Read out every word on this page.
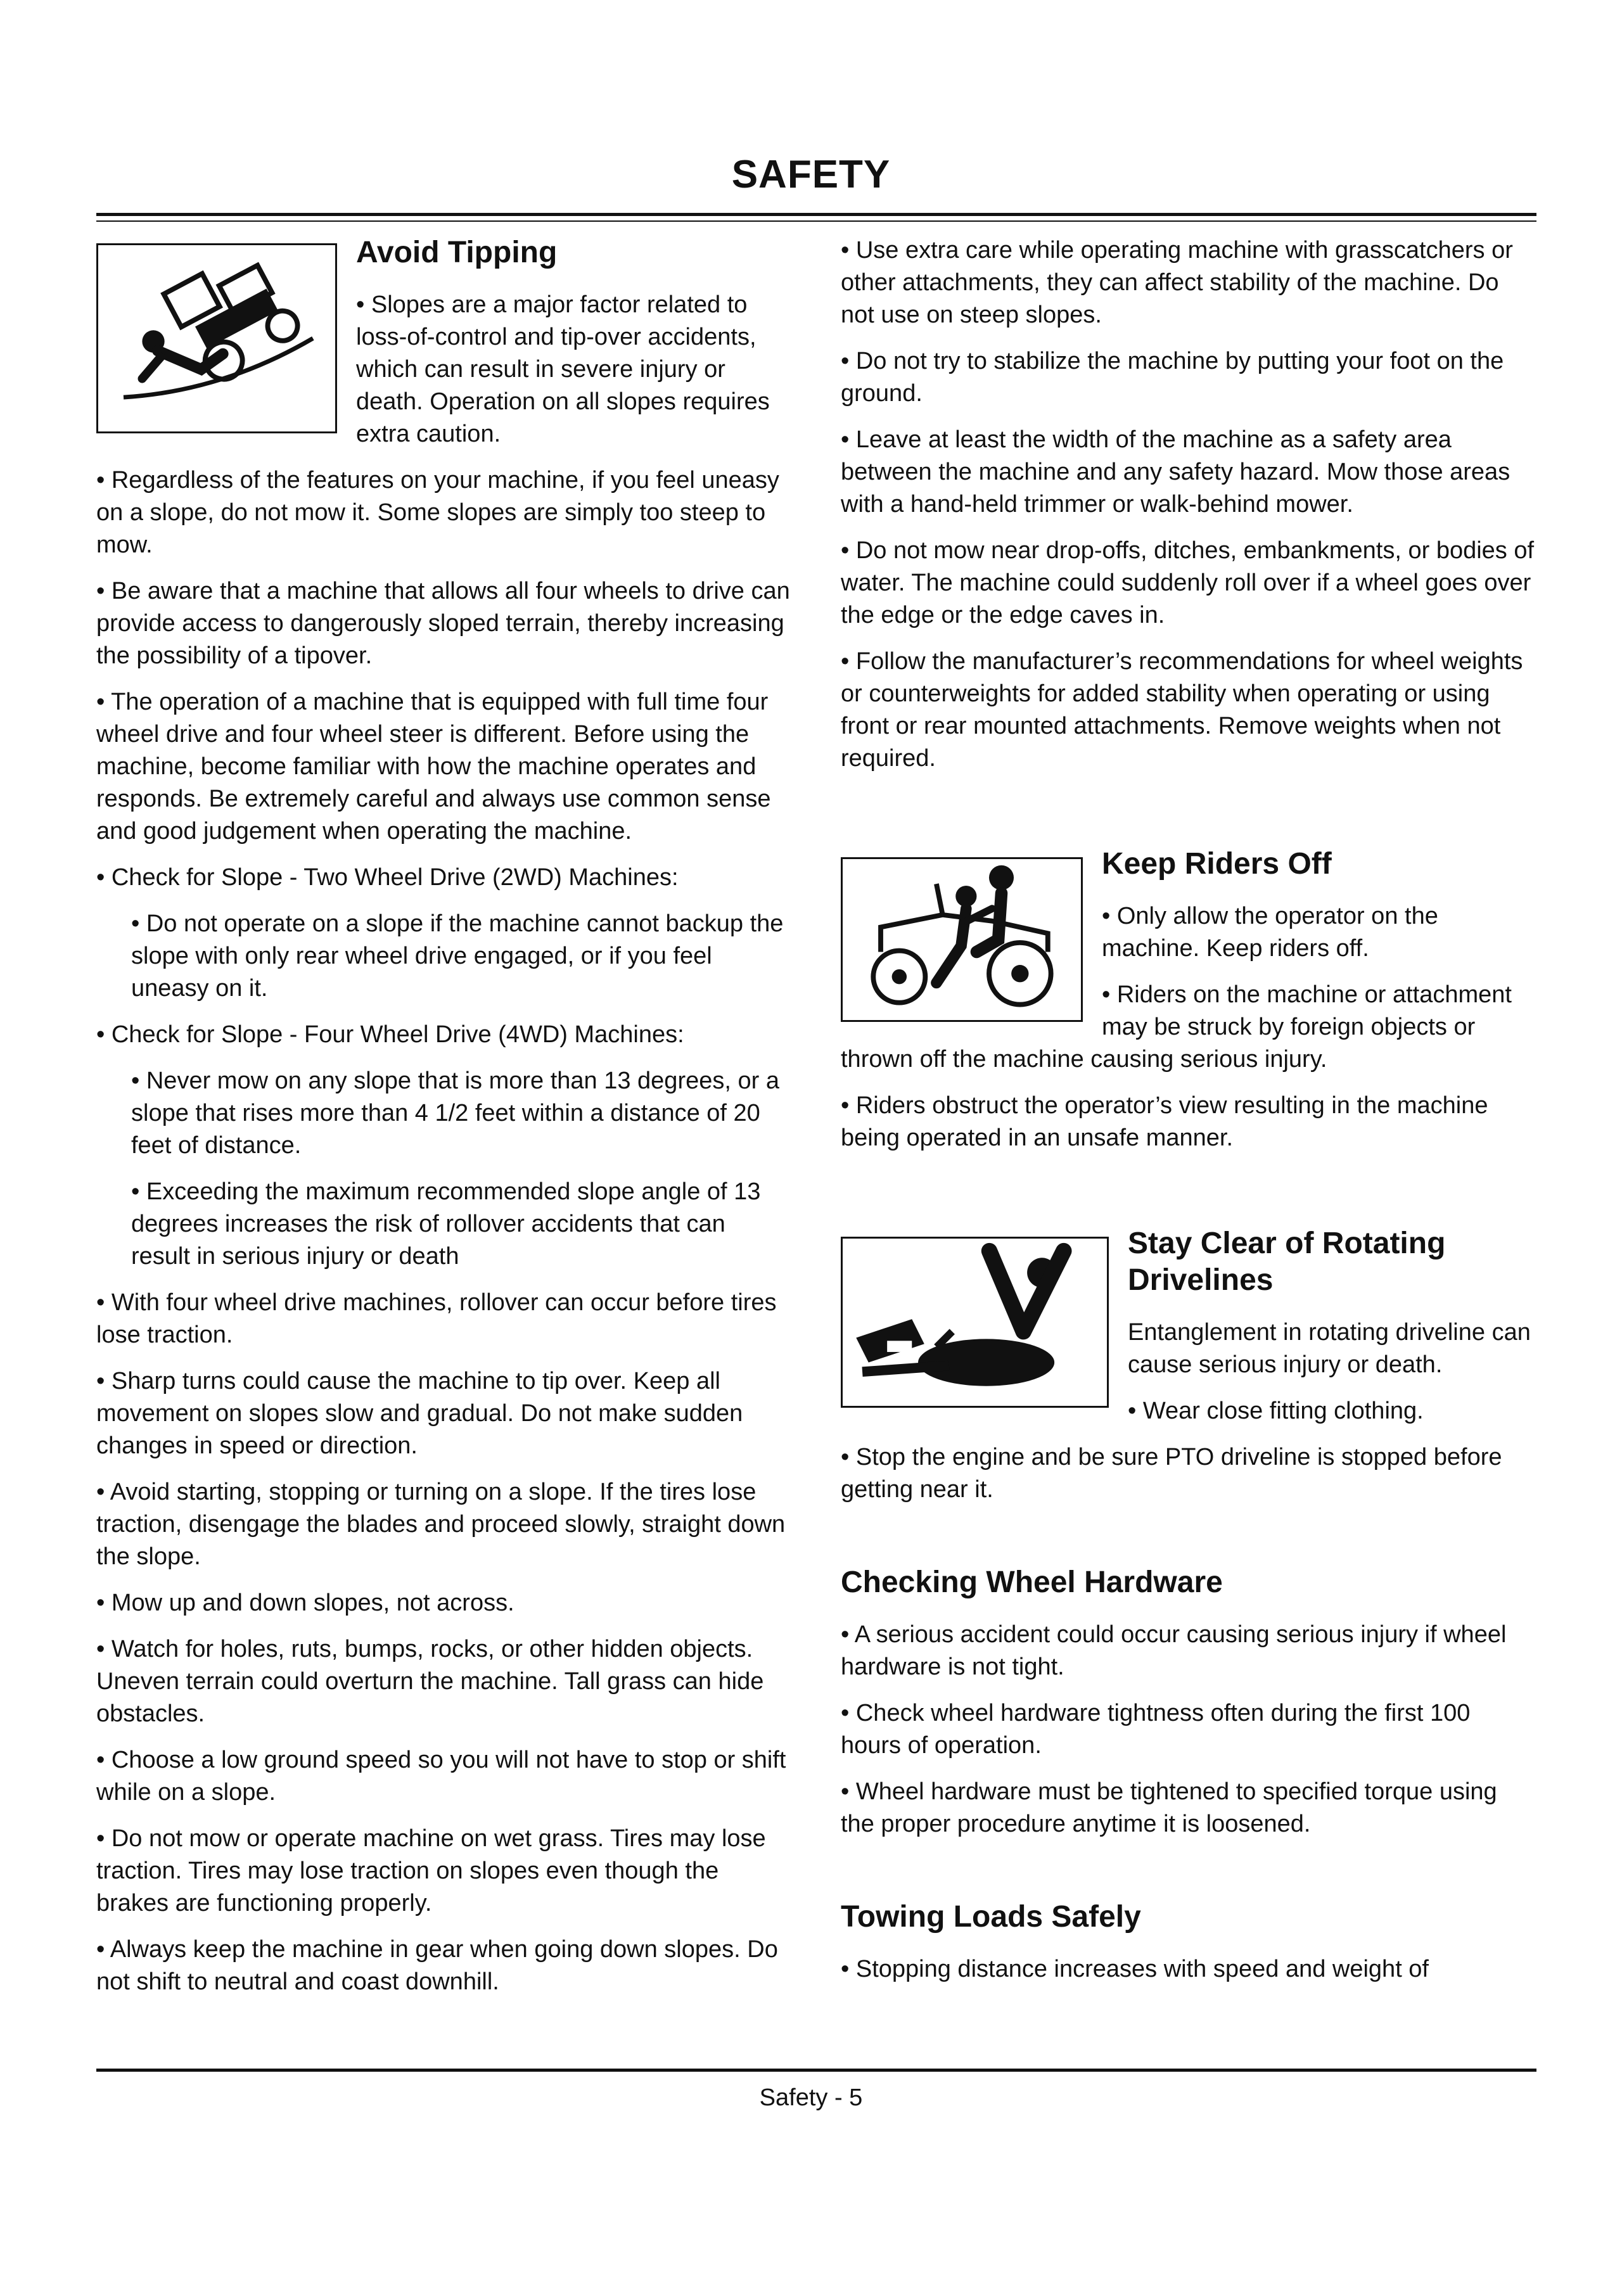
SAFETY
Avoid Tipping

• Slopes are a major factor related to loss-of-control and tip-over accidents, which can result in severe injury or death. Operation on all slopes requires extra caution.

• Regardless of the features on your machine, if you feel uneasy on a slope, do not mow it. Some slopes are simply too steep to mow.

• Be aware that a machine that allows all four wheels to drive can provide access to dangerously sloped terrain, thereby increasing the possibility of a tipover.

• The operation of a machine that is equipped with full time four wheel drive and four wheel steer is different. Before using the machine, become familiar with how the machine operates and responds. Be extremely careful and always use common sense and good judgement when operating the machine.

• Check for Slope - Two Wheel Drive (2WD) Machines:

• Do not operate on a slope if the machine cannot backup the slope with only rear wheel drive engaged, or if you feel uneasy on it.

• Check for Slope - Four Wheel Drive (4WD) Machines:

• Never mow on any slope that is more than 13 degrees, or a slope that rises more than 4 1/2 feet within a distance of 20 feet of distance.

• Exceeding the maximum recommended slope angle of 13 degrees increases the risk of rollover accidents that can result in serious injury or death

• With four wheel drive machines, rollover can occur before tires lose traction.

• Sharp turns could cause the machine to tip over. Keep all movement on slopes slow and gradual. Do not make sudden changes in speed or direction.

• Avoid starting, stopping or turning on a slope. If the tires lose traction, disengage the blades and proceed slowly, straight down the slope.

• Mow up and down slopes, not across.

• Watch for holes, ruts, bumps, rocks, or other hidden objects. Uneven terrain could overturn the machine. Tall grass can hide obstacles.

• Choose a low ground speed so you will not have to stop or shift while on a slope.

• Do not mow or operate machine on wet grass. Tires may lose traction. Tires may lose traction on slopes even though the brakes are functioning properly.

• Always keep the machine in gear when going down slopes. Do not shift to neutral and coast downhill.

• Use extra care while operating machine with grasscatchers or other attachments, they can affect stability of the machine. Do not use on steep slopes.

• Do not try to stabilize the machine by putting your foot on the ground.

• Leave at least the width of the machine as a safety area between the machine and any safety hazard. Mow those areas with a hand-held trimmer or walk-behind mower.

• Do not mow near drop-offs, ditches, embankments, or bodies of water. The machine could suddenly roll over if a wheel goes over the edge or the edge caves in.

• Follow the manufacturer’s recommendations for wheel weights or counterweights for added stability when operating or using front or rear mounted attachments. Remove weights when not required.

Keep Riders Off

• Only allow the operator on the machine. Keep riders off.

• Riders on the machine or attachment may be struck by foreign objects or thrown off the machine causing serious injury.

• Riders obstruct the operator’s view resulting in the machine being operated in an unsafe manner.

Stay Clear of Rotating Drivelines

Entanglement in rotating driveline can cause serious injury or death.

• Wear close fitting clothing.

• Stop the engine and be sure PTO driveline is stopped before getting near it.

Checking Wheel Hardware

• A serious accident could occur causing serious injury if wheel hardware is not tight.

• Check wheel hardware tightness often during the first 100 hours of operation.

• Wheel hardware must be tightened to specified torque using the proper procedure anytime it is loosened.

Towing Loads Safely

• Stopping distance increases with speed and weight of

Safety - 5
